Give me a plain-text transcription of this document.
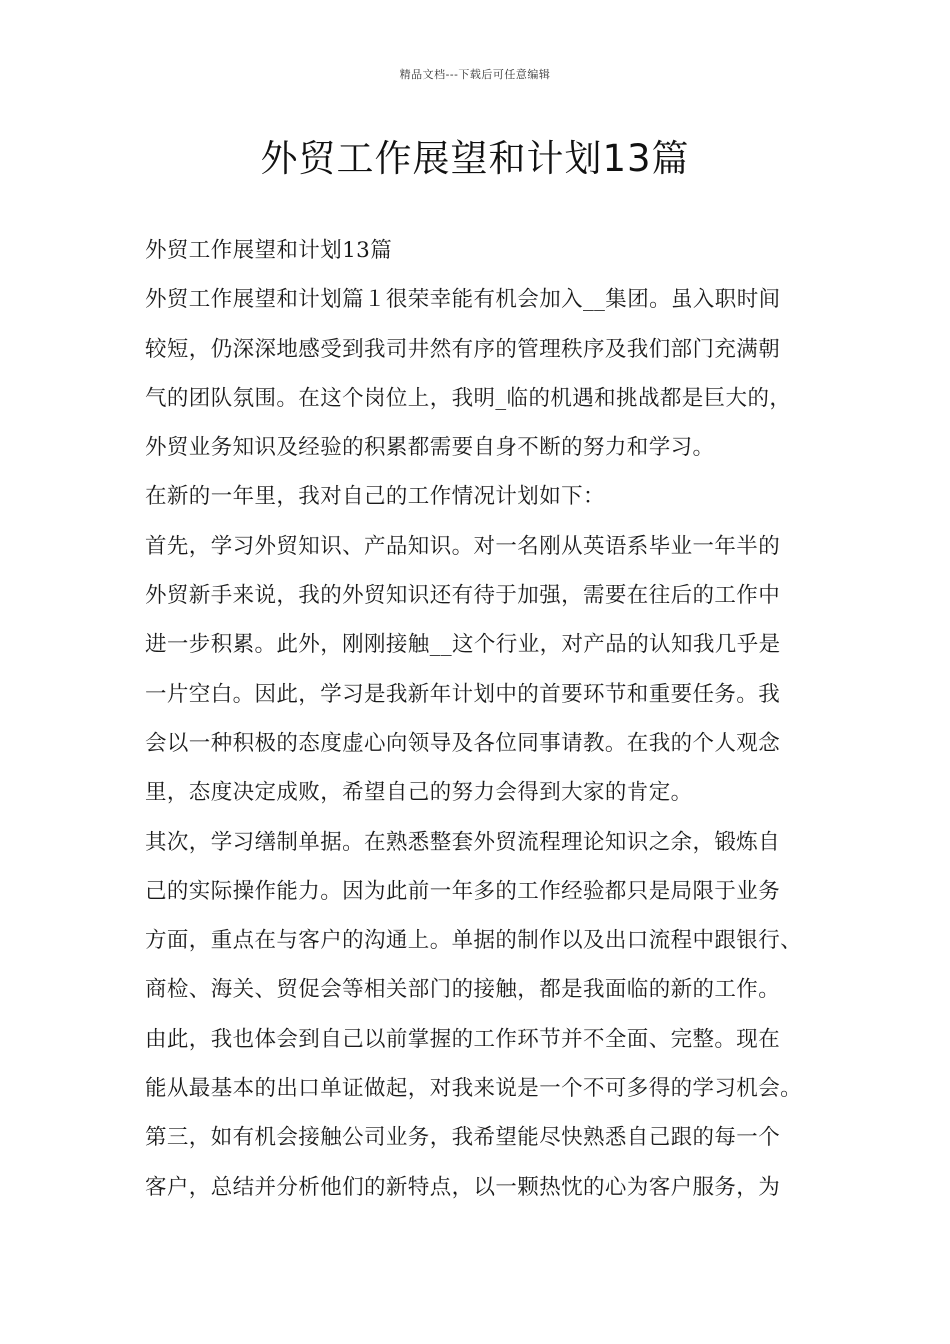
精品文档---下载后可任意编辑
外贸工作展望和计划13篇
外贸工作展望和计划13篇
外贸工作展望和计划篇１很荣幸能有机会加入__集团。虽入职时间
较短，仍深深地感受到我司井然有序的管理秩序及我们部门充满朝
气的团队氛围。在这个岗位上，我明_临的机遇和挑战都是巨大的，
外贸业务知识及经验的积累都需要自身不断的努力和学习。
在新的一年里，我对自己的工作情况计划如下：
首先，学习外贸知识、产品知识。对一名刚从英语系毕业一年半的
外贸新手来说，我的外贸知识还有待于加强，需要在往后的工作中
进一步积累。此外，刚刚接触__这个行业，对产品的认知我几乎是
一片空白。因此，学习是我新年计划中的首要环节和重要任务。我
会以一种积极的态度虚心向领导及各位同事请教。在我的个人观念
里，态度决定成败，希望自己的努力会得到大家的肯定。
其次，学习缮制单据。在熟悉整套外贸流程理论知识之余，锻炼自
己的实际操作能力。因为此前一年多的工作经验都只是局限于业务
方面，重点在与客户的沟通上。单据的制作以及出口流程中跟银行、
商检、海关、贸促会等相关部门的接触，都是我面临的新的工作。
由此，我也体会到自己以前掌握的工作环节并不全面、完整。现在
能从最基本的出口单证做起，对我来说是一个不可多得的学习机会。
第三，如有机会接触公司业务，我希望能尽快熟悉自己跟的每一个
客户，总结并分析他们的新特点，以一颗热忱的心为客户服务，为
